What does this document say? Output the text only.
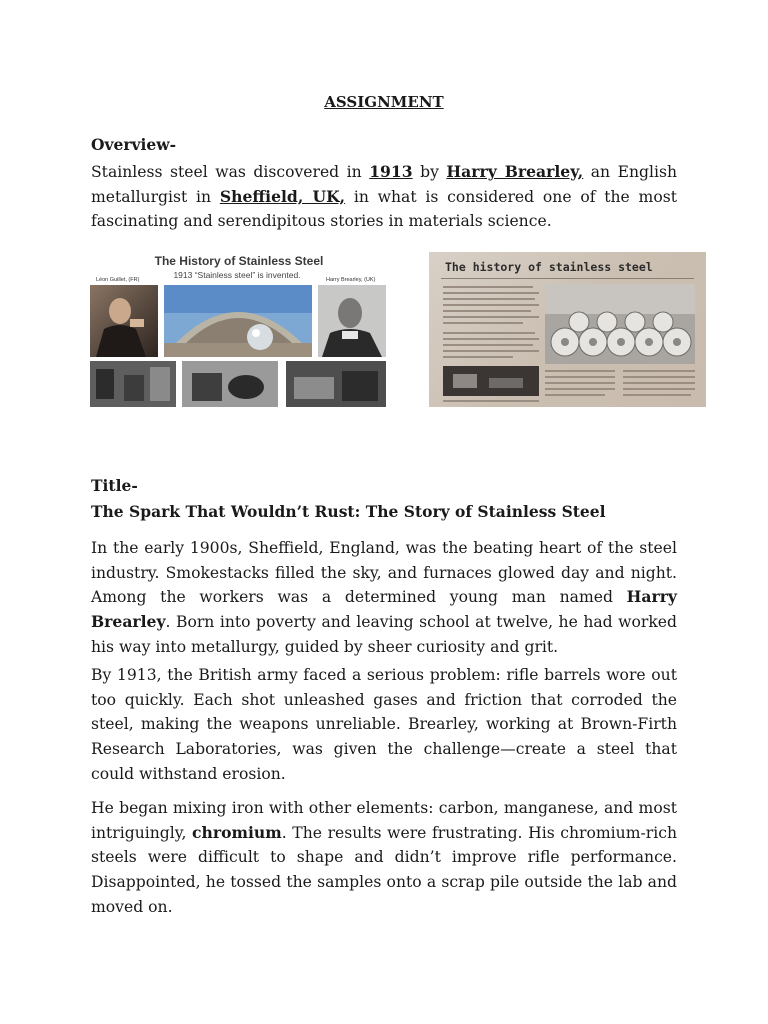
ASSIGNMENT
Overview-
Stainless steel was discovered in 1913 by Harry Brearley, an English metallurgist in Sheffield, UK, in what is considered one of the most fascinating and serendipitous stories in materials science.
The History of Stainless Steel
1913 “Stainless steel” is invented.
Léon Guillet, (FR)	Harry Brearley, (UK)
The history of stainless steel
Title-
The Spark That Wouldn’t Rust: The Story of Stainless Steel
In the early 1900s, Sheffield, England, was the beating heart of the steel industry. Smokestacks filled the sky, and furnaces glowed day and night. Among the workers was a determined young man named Harry Brearley. Born into poverty and leaving school at twelve, he had worked his way into metallurgy, guided by sheer curiosity and grit.
By 1913, the British army faced a serious problem: rifle barrels wore out too quickly. Each shot unleashed gases and friction that corroded the steel, making the weapons unreliable. Brearley, working at Brown-Firth Research Laboratories, was given the challenge—create a steel that could withstand erosion.
He began mixing iron with other elements: carbon, manganese, and most intriguingly, chromium. The results were frustrating. His chromium-rich steels were difficult to shape and didn’t improve rifle performance. Disappointed, he tossed the samples onto a scrap pile outside the lab and moved on.
